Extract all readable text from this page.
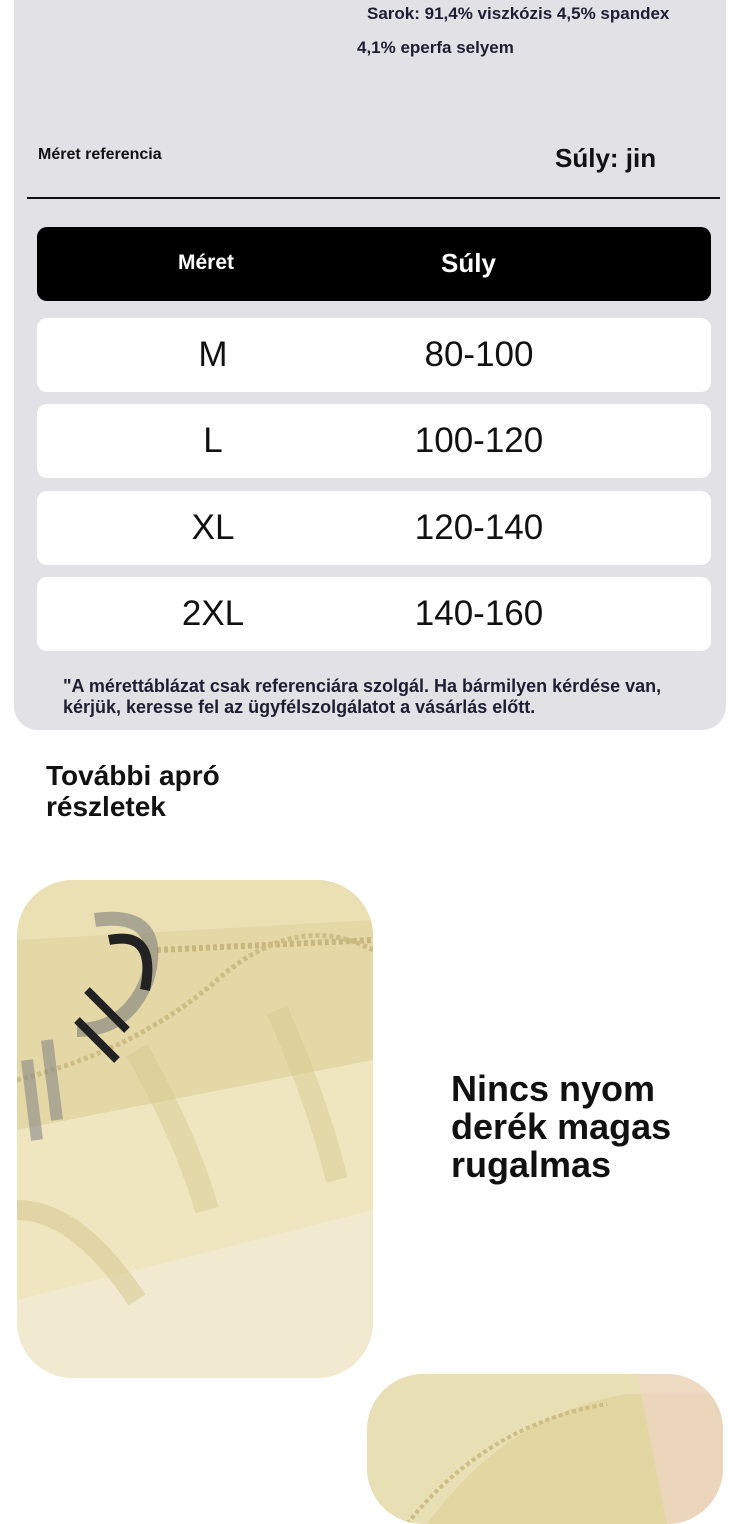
Sarok: 91,4% viszkózis 4,5% spandex
4,1% eperfa selyem
Méret referencia	Súly: jin
Méret	Súly
M	80-100
L	100-120
XL	120-140
2XL	140-160
"A mérettáblázat csak referenciára szolgál. Ha bármilyen kérdése van, kérjük, keresse fel az ügyfélszolgálatot a vásárlás előtt.
További apró részletek
Nincs nyom derék magas rugalmas
